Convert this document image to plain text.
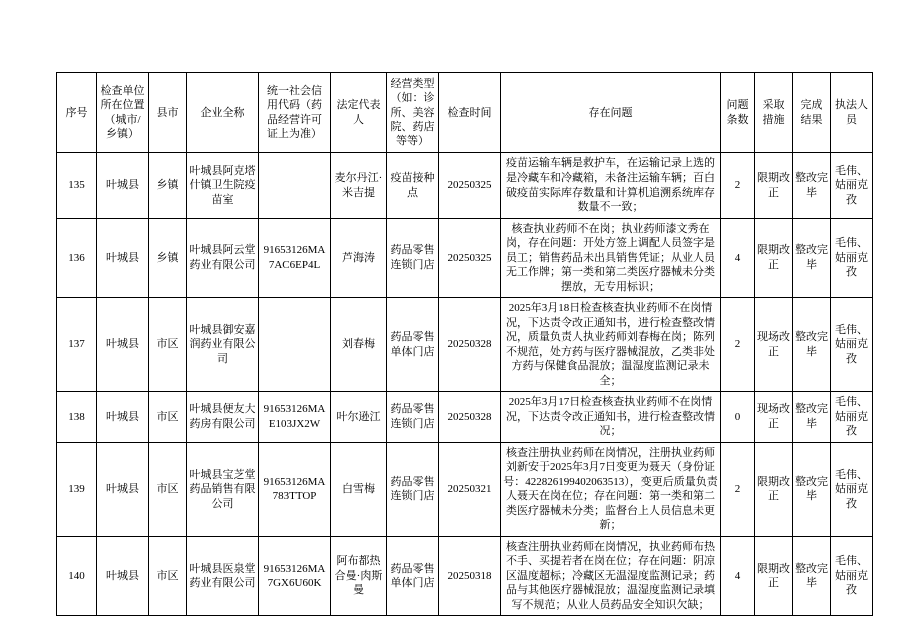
序号	检查单位所在位置（城市/乡镇）	县市	企业全称	统一社会信用代码（药品经营许可证上为准）	法定代表人	经营类型（如：诊所、美容院、药店等等）	检查时间	存在问题	问题条数	采取措施	完成结果	执法人员
135	叶城县	乡镇	叶城县阿克塔什镇卫生院疫苗室		麦尔丹江·米吉提	疫苗接种点	20250325	疫苗运输车辆是救护车，在运输记录上选的是冷藏车和冷藏箱，未备注运输车辆；百白破疫苗实际库存数量和计算机追溯系统库存数量不一致；	2	限期改正	整改完毕	毛伟、姑丽克孜
136	叶城县	乡镇	叶城县阿云堂药业有限公司	91653126MA7AC6EP4L	芦海涛	药品零售连锁门店	20250325	核查执业药师不在岗；执业药师漆文秀在岗，存在问题：开处方签上调配人员签字是员工；销售药品未出具销售凭证；从业人员无工作牌；第一类和第二类医疗器械未分类摆放，无专用标识；	4	限期改正	整改完毕	毛伟、姑丽克孜
137	叶城县	市区	叶城县御安嘉润药业有限公司		刘春梅	药品零售单体门店	20250328	2025年3月18日检查核查执业药师不在岗情况，下达责令改正通知书，进行检查整改情况，质量负责人执业药师刘春梅在岗；陈列不规范，处方药与医疗器械混放，乙类非处方药与保健食品混放；温湿度监测记录未全；	2	现场改正	整改完毕	毛伟、姑丽克孜
138	叶城县	市区	叶城县便友大药房有限公司	91653126MAE103JX2W	叶尔逊江	药品零售连锁门店	20250328	2025年3月17日检查核查执业药师不在岗情况，下达责令改正通知书，进行检查整改情况；	0	现场改正	整改完毕	毛伟、姑丽克孜
139	叶城县	市区	叶城县宝芝堂药品销售有限公司	91653126MA783TTOP	白雪梅	药品零售连锁门店	20250321	核查注册执业药师在岗情况，注册执业药师刘新安于2025年3月7日变更为聂天（身份证号：422826199402063513），变更后质量负责人聂天在岗在位；存在问题：第一类和第二类医疗器械未分类；监督台上人员信息未更新；	2	限期改正	整改完毕	毛伟、姑丽克孜
140	叶城县	市区	叶城县医泉堂药业有限公司	91653126MA7GX6U60K	阿布都热合曼·肉斯曼	药品零售单体门店	20250318	核查注册执业药师在岗情况，执业药师布热不手、买提若者在岗在位；存在问题：阴凉区温度超标；冷藏区无温湿度监测记录；药品与其他医疗器械混放；温湿度监测记录填写不规范；从业人员药品安全知识欠缺；	4	限期改正	整改完毕	毛伟、姑丽克孜
